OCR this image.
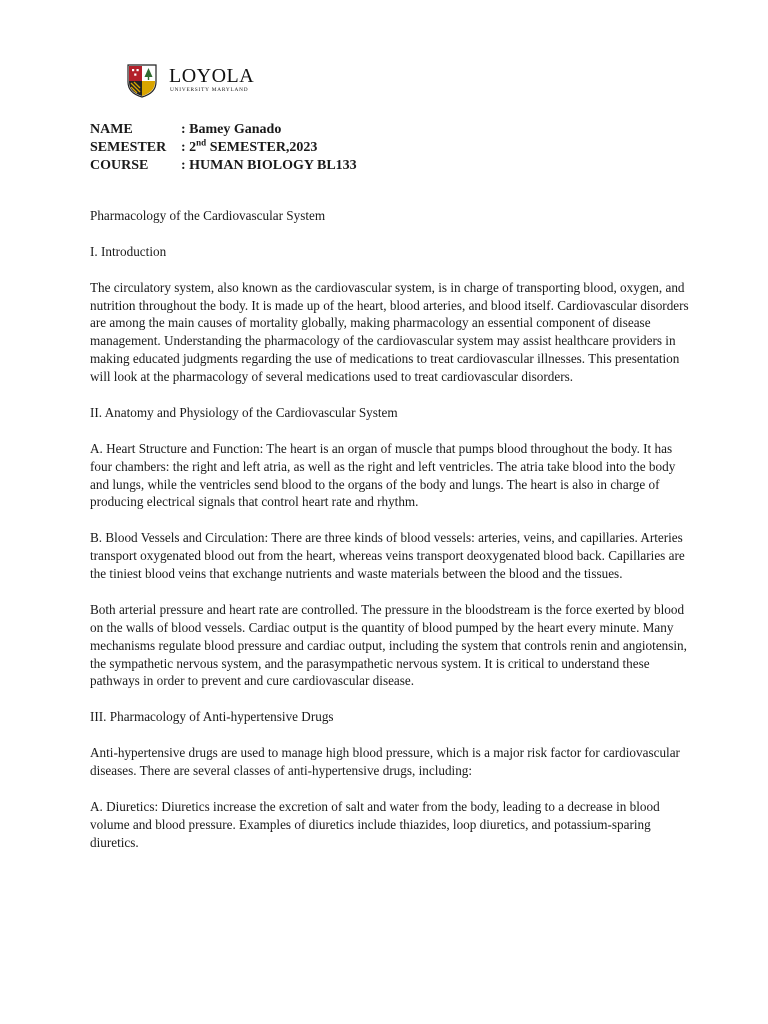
LOYOLA
UNIVERSITY MARYLAND
NAME	: Bamey Ganado
SEMESTER	: 2nd SEMESTER,2023
COURSE	: HUMAN BIOLOGY BL133

Pharmacology of the Cardiovascular System

I. Introduction

The circulatory system, also known as the cardiovascular system, is in charge of transporting blood, oxygen, and nutrition throughout the body. It is made up of the heart, blood arteries, and blood itself. Cardiovascular disorders are among the main causes of mortality globally, making pharmacology an essential component of disease management. Understanding the pharmacology of the cardiovascular system may assist healthcare providers in making educated judgments regarding the use of medications to treat cardiovascular illnesses. This presentation will look at the pharmacology of several medications used to treat cardiovascular disorders.

II. Anatomy and Physiology of the Cardiovascular System

A. Heart Structure and Function: The heart is an organ of muscle that pumps blood throughout the body. It has four chambers: the right and left atria, as well as the right and left ventricles. The atria take blood into the body and lungs, while the ventricles send blood to the organs of the body and lungs. The heart is also in charge of producing electrical signals that control heart rate and rhythm.

B. Blood Vessels and Circulation: There are three kinds of blood vessels: arteries, veins, and capillaries. Arteries transport oxygenated blood out from the heart, whereas veins transport deoxygenated blood back. Capillaries are the tiniest blood veins that exchange nutrients and waste materials between the blood and the tissues.

Both arterial pressure and heart rate are controlled. The pressure in the bloodstream is the force exerted by blood on the walls of blood vessels. Cardiac output is the quantity of blood pumped by the heart every minute. Many mechanisms regulate blood pressure and cardiac output, including the system that controls renin and angiotensin, the sympathetic nervous system, and the parasympathetic nervous system. It is critical to understand these pathways in order to prevent and cure cardiovascular disease.

III. Pharmacology of Anti-hypertensive Drugs

Anti-hypertensive drugs are used to manage high blood pressure, which is a major risk factor for cardiovascular diseases. There are several classes of anti-hypertensive drugs, including:

A. Diuretics: Diuretics increase the excretion of salt and water from the body, leading to a decrease in blood volume and blood pressure. Examples of diuretics include thiazides, loop diuretics, and potassium-sparing diuretics.
